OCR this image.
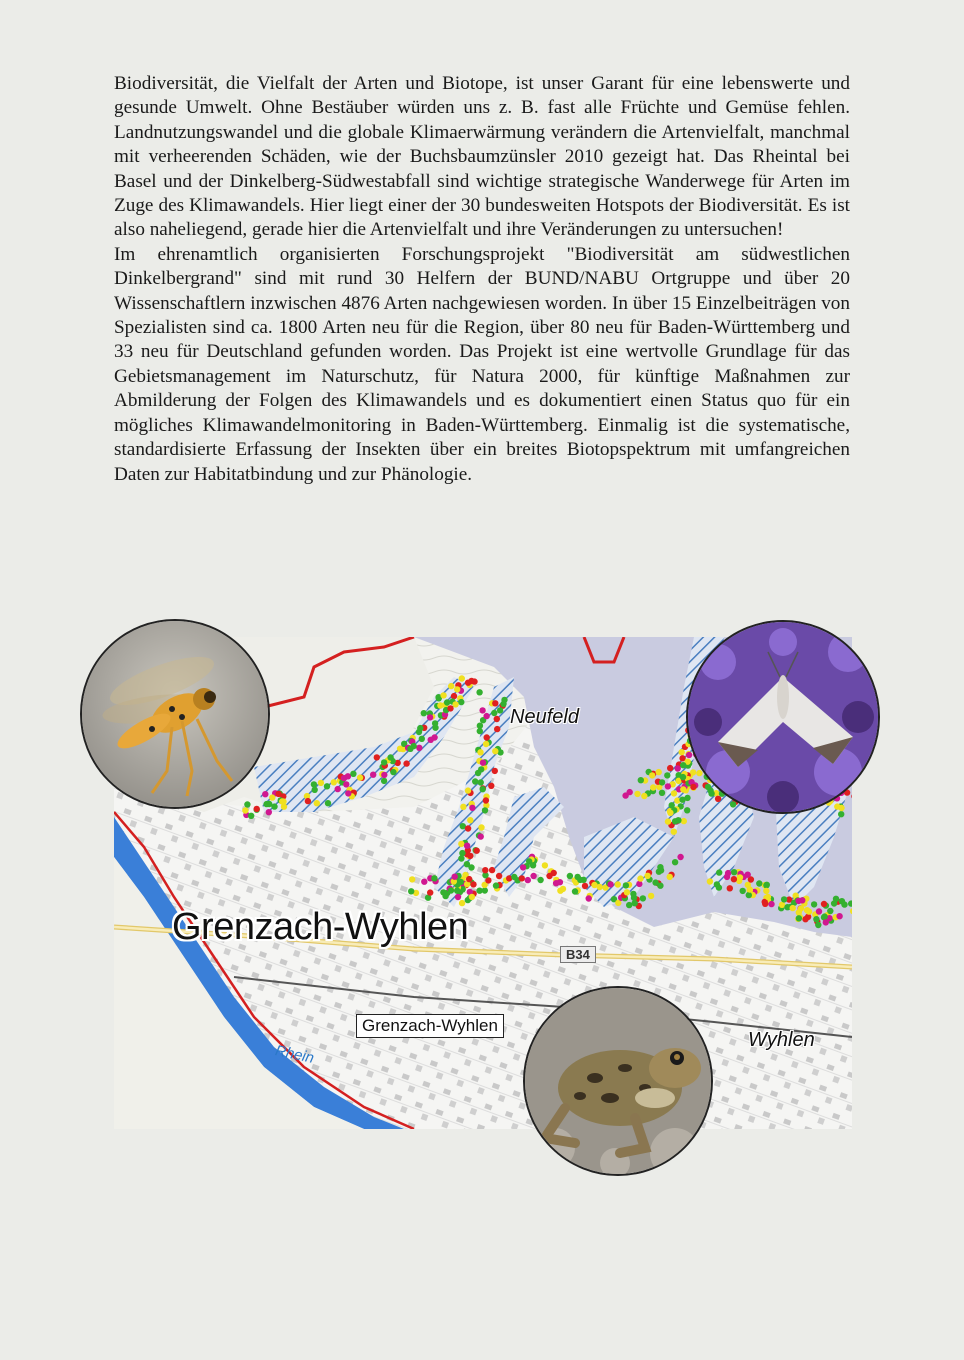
Biodiversität, die Vielfalt der Arten und Biotope, ist unser Garant für eine lebenswerte und gesunde Umwelt. Ohne Bestäuber würden uns z. B. fast alle Früchte und Gemüse fehlen. Landnutzungswandel und die globale Klimaerwärmung verändern die Artenvielfalt, manchmal mit verheerenden Schäden, wie der Buchsbaumzünsler 2010 gezeigt hat. Das Rheintal bei Basel und der Dinkelberg-Südwestabfall sind wichtige strategische Wanderwege für Arten im Zuge des Klimawandels. Hier liegt einer der 30 bundesweiten Hotspots der Biodiversität. Es ist also naheliegend, gerade hier die Artenvielfalt und ihre Veränderungen zu untersuchen!

Im ehrenamtlich organisierten Forschungsprojekt "Biodiversität am südwestlichen Dinkelbergrand" sind mit rund 30 Helfern der BUND/NABU Ortgruppe und über 20 Wissenschaftlern inzwischen 4876 Arten nachgewiesen worden. In über 15 Einzelbeiträgen von Spezialisten sind ca. 1800 Arten neu für die Region, über 80 neu für Baden-Württemberg und 33 neu für Deutschland gefunden worden. Das Projekt ist eine wertvolle Grundlage für das Gebietsmanagement im Naturschutz, für Natura 2000, für künftige Maßnahmen zur Abmilderung der Folgen des Klimawandels und es dokumentiert einen Status quo für ein mögliches Klimawandelmonitoring in Baden-Württemberg. Einmalig ist die systematische, standardisierte Erfassung der Insekten über ein breites Biotopspektrum mit umfangreichen Daten zur Habitatbindung und zur Phänologie.

Grenzach-Wyhlen
Neufeld
Wyhlen
Grenzach-Wyhlen
B34
Rhein
